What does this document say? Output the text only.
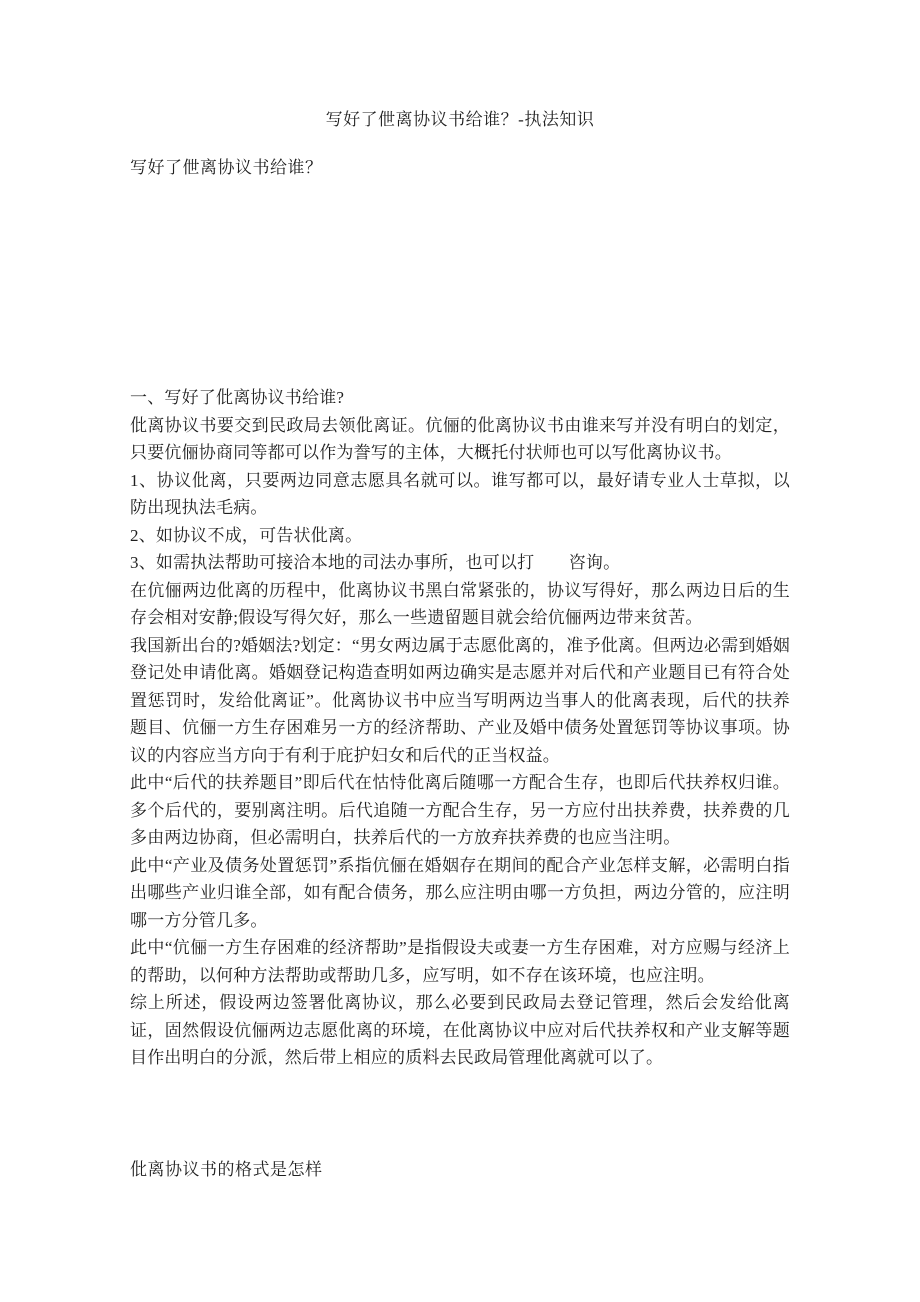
写好了伳离协议书给谁？-执法知识

写好了伳离协议书给谁？

一、写好了仳离协议书给谁?

仳离协议书要交到民政局去领仳离证。伉俪的仳离协议书由谁来写并没有明白的划定，只要伉俪协商同等都可以作为誊写的主体，大概托付状师也可以写仳离协议书。

1、协议仳离，只要两边同意志愿具名就可以。谁写都可以，最好请专业人士草拟，以防出现执法毛病。

2、如协议不成，可告状仳离。

3、如需执法帮助可接洽本地的司法办事所，也可以打　　咨询。

在伉俪两边仳离的历程中，仳离协议书黑白常紧张的，协议写得好，那么两边日后的生存会相对安静;假设写得欠好，那么一些遗留题目就会给伉俪两边带来贫苦。

我国新出台的?婚姻法?划定：“男女两边属于志愿仳离的，准予仳离。但两边必需到婚姻登记处申请仳离。婚姻登记构造查明如两边确实是志愿并对后代和产业题目已有符合处置惩罚时，发给仳离证”。仳离协议书中应当写明两边当事人的仳离表现，后代的扶养题目、伉俪一方生存困难另一方的经济帮助、产业及婚中债务处置惩罚等协议事项。协议的内容应当方向于有利于庇护妇女和后代的正当权益。

此中“后代的扶养题目”即后代在怙恃仳离后随哪一方配合生存，也即后代扶养权归谁。多个后代的，要别离注明。后代追随一方配合生存，另一方应付出扶养费，扶养费的几多由两边协商，但必需明白，扶养后代的一方放弃扶养费的也应当注明。

此中“产业及债务处置惩罚”系指伉俪在婚姻存在期间的配合产业怎样支解，必需明白指出哪些产业归谁全部，如有配合债务，那么应注明由哪一方负担，两边分管的，应注明哪一方分管几多。

此中“伉俪一方生存困难的经济帮助”是指假设夫或妻一方生存困难，对方应赐与经济上的帮助，以何种方法帮助或帮助几多，应写明，如不存在该环境，也应注明。

综上所述，假设两边签署仳离协议，那么必要到民政局去登记管理，然后会发给仳离证，固然假设伉俪两边志愿仳离的环境，在仳离协议中应对后代扶养权和产业支解等题目作出明白的分派，然后带上相应的质料去民政局管理仳离就可以了。

仳离协议书的格式是怎样
